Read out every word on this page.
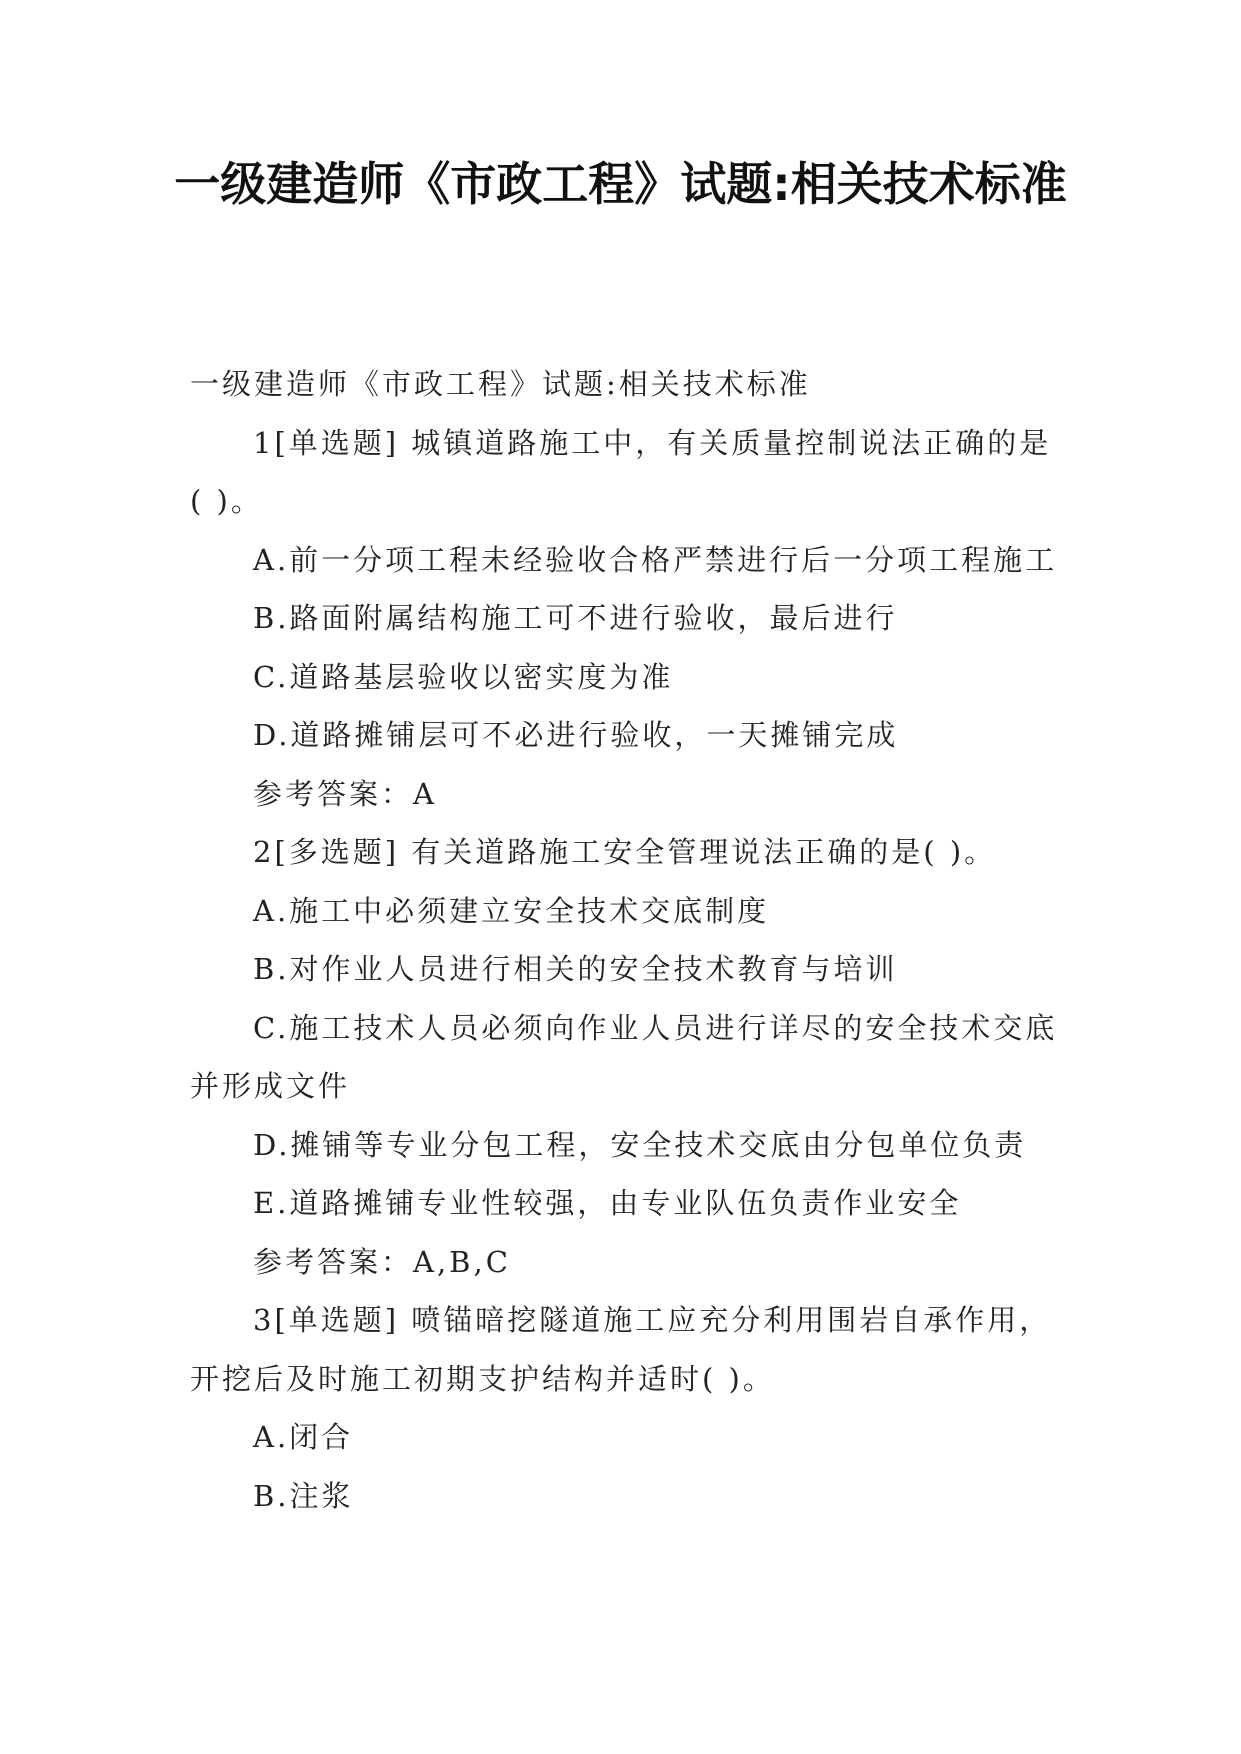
一级建造师《市政工程》试题:相关技术标准

一级建造师《市政工程》试题:相关技术标准

1[单选题] 城镇道路施工中，有关质量控制说法正确的是( )。

A.前一分项工程未经验收合格严禁进行后一分项工程施工

B.路面附属结构施工可不进行验收，最后进行

C.道路基层验收以密实度为准

D.道路摊铺层可不必进行验收，一天摊铺完成

参考答案：A

2[多选题] 有关道路施工安全管理说法正确的是( )。

A.施工中必须建立安全技术交底制度

B.对作业人员进行相关的安全技术教育与培训

C.施工技术人员必须向作业人员进行详尽的安全技术交底并形成文件

D.摊铺等专业分包工程，安全技术交底由分包单位负责

E.道路摊铺专业性较强，由专业队伍负责作业安全

参考答案：A,B,C

3[单选题] 喷锚暗挖隧道施工应充分利用围岩自承作用，开挖后及时施工初期支护结构并适时( )。

A.闭合

B.注浆
